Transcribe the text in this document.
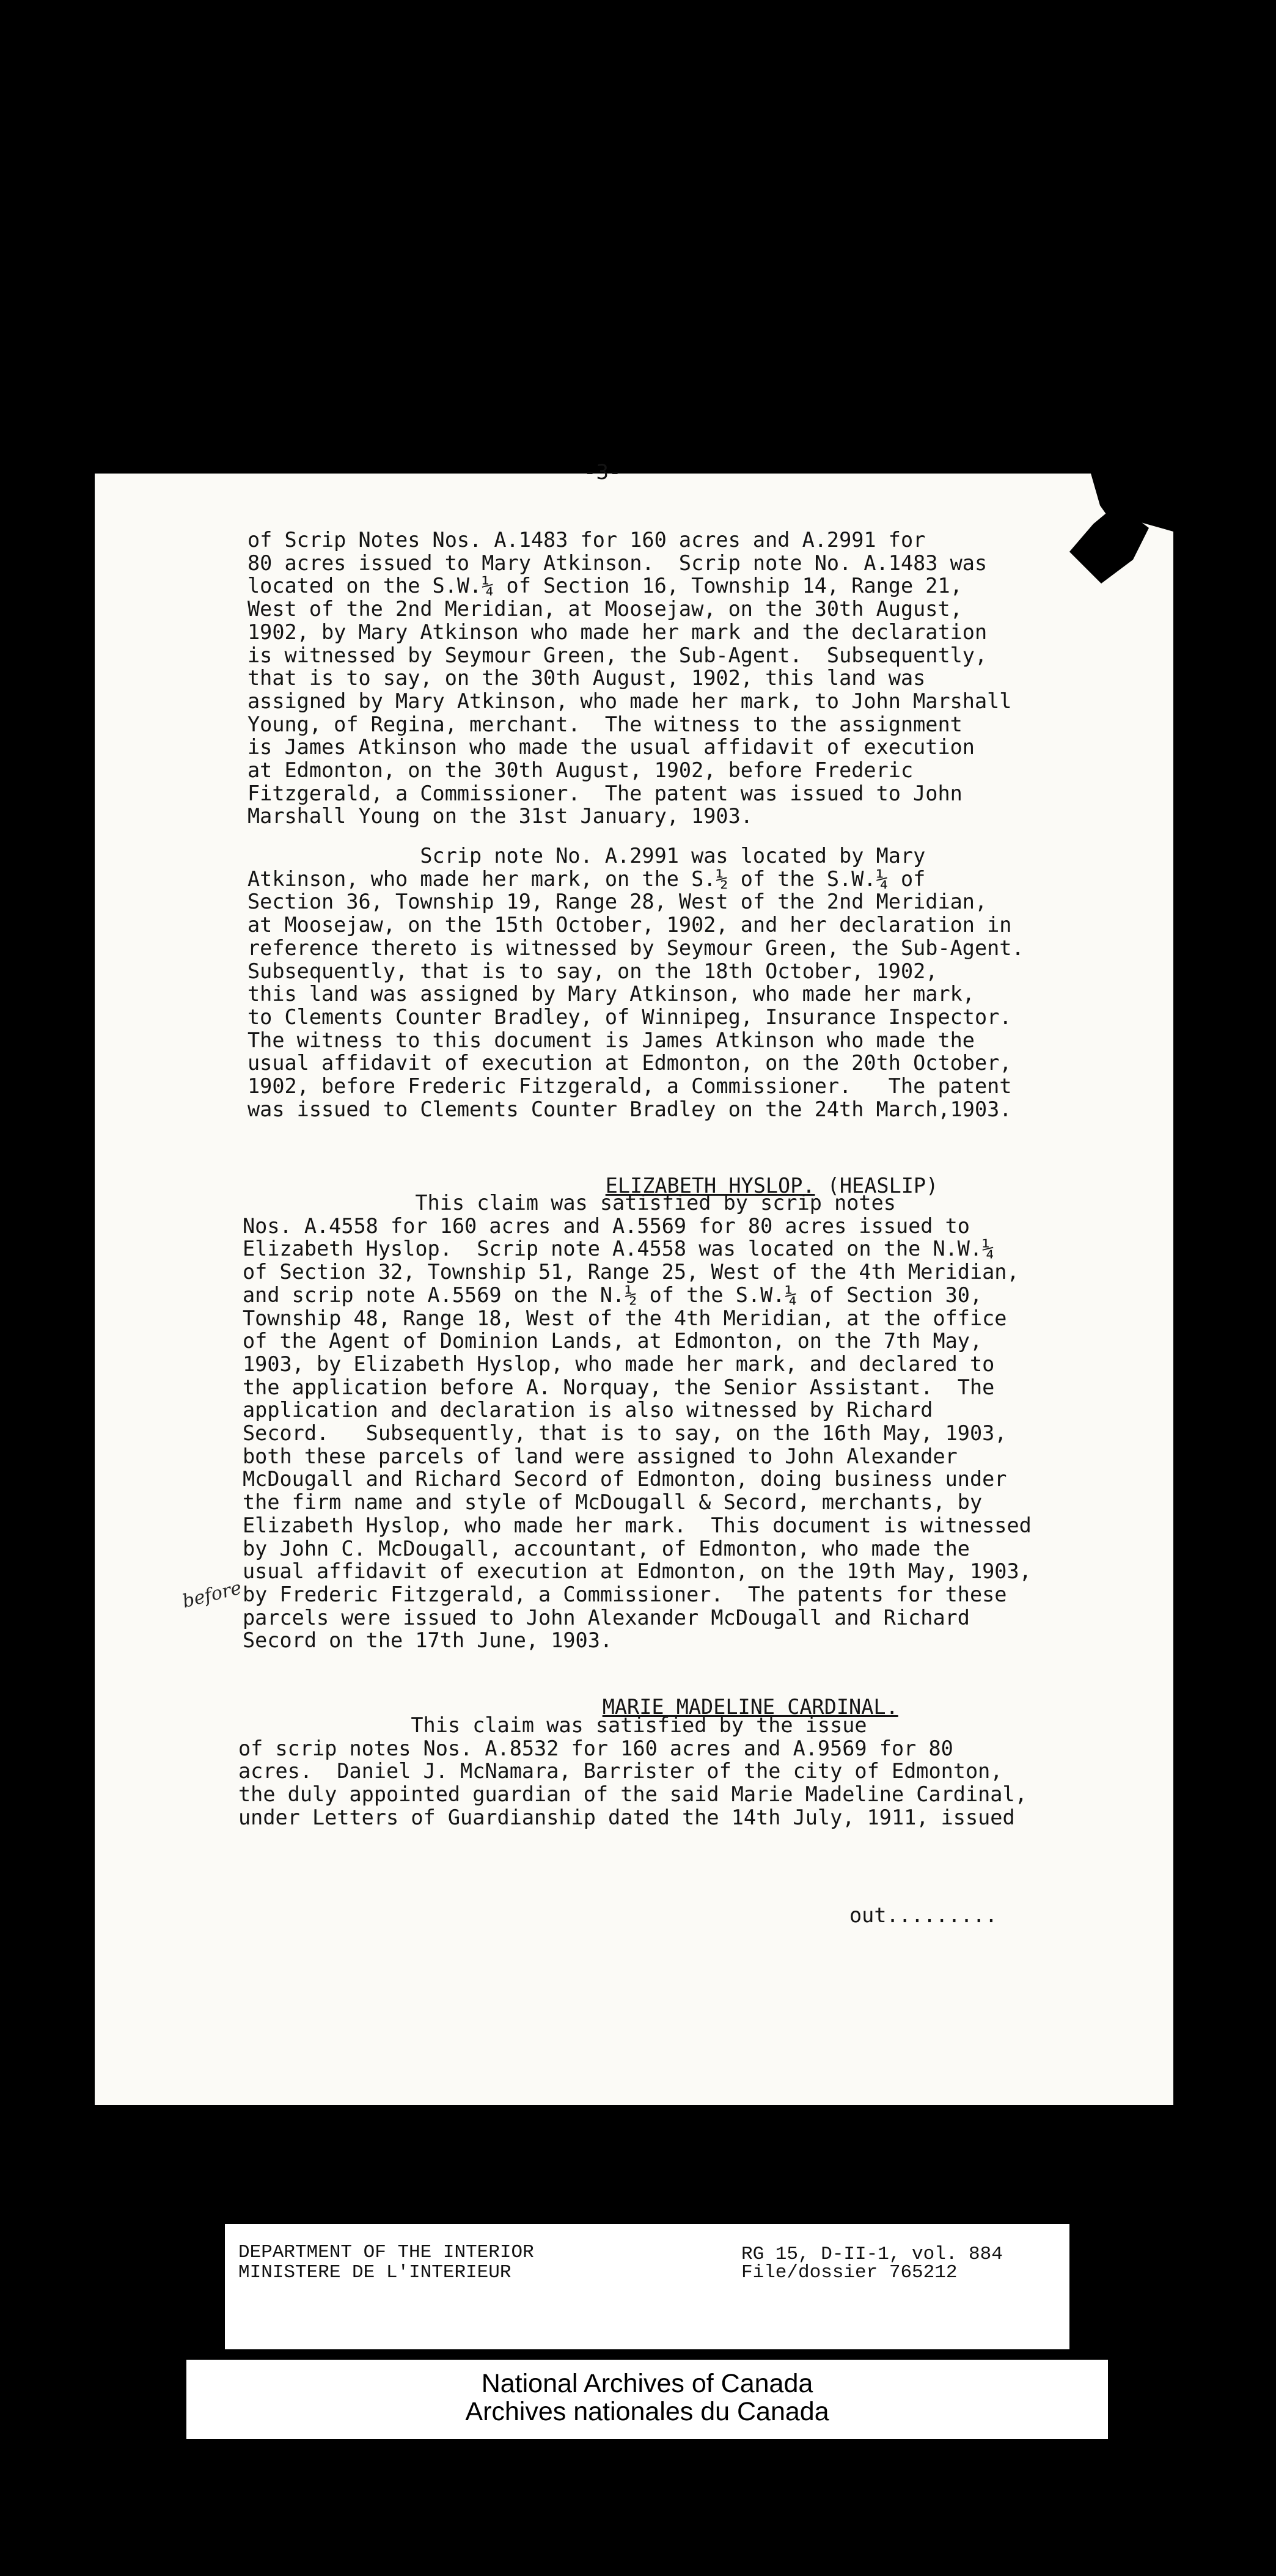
-3-
of Scrip Notes Nos. A.1483 for 160 acres and A.2991 for
80 acres issued to Mary Atkinson.  Scrip note No. A.1483 was
located on the S.W.¼ of Section 16, Township 14, Range 21,
West of the 2nd Meridian, at Moosejaw, on the 30th August,
1902, by Mary Atkinson who made her mark and the declaration
is witnessed by Seymour Green, the Sub-Agent.  Subsequently,
that is to say, on the 30th August, 1902, this land was
assigned by Mary Atkinson, who made her mark, to John Marshall
Young, of Regina, merchant.  The witness to the assignment
is James Atkinson who made the usual affidavit of execution
at Edmonton, on the 30th August, 1902, before Frederic
Fitzgerald, a Commissioner.  The patent was issued to John
Marshall Young on the 31st January, 1903.
Scrip note No. A.2991 was located by Mary
Atkinson, who made her mark, on the S.½ of the S.W.¼ of
Section 36, Township 19, Range 28, West of the 2nd Meridian,
at Moosejaw, on the 15th October, 1902, and her declaration in
reference thereto is witnessed by Seymour Green, the Sub-Agent.
Subsequently, that is to say, on the 18th October, 1902,
this land was assigned by Mary Atkinson, who made her mark,
to Clements Counter Bradley, of Winnipeg, Insurance Inspector.
The witness to this document is James Atkinson who made the
usual affidavit of execution at Edmonton, on the 20th October,
1902, before Frederic Fitzgerald, a Commissioner.   The patent
was issued to Clements Counter Bradley on the 24th March,1903.

ELIZABETH HYSLOP. (HEASLIP)

This claim was satisfied by scrip notes
Nos. A.4558 for 160 acres and A.5569 for 80 acres issued to
Elizabeth Hyslop.  Scrip note A.4558 was located on the N.W.¼
of Section 32, Township 51, Range 25, West of the 4th Meridian,
and scrip note A.5569 on the N.½ of the S.W.¼ of Section 30,
Township 48, Range 18, West of the 4th Meridian, at the office
of the Agent of Dominion Lands, at Edmonton, on the 7th May,
1903, by Elizabeth Hyslop, who made her mark, and declared to
the application before A. Norquay, the Senior Assistant.  The
application and declaration is also witnessed by Richard
Secord.   Subsequently, that is to say, on the 16th May, 1903,
both these parcels of land were assigned to John Alexander
McDougall and Richard Secord of Edmonton, doing business under
the firm name and style of McDougall & Secord, merchants, by
Elizabeth Hyslop, who made her mark.  This document is witnessed
by John C. McDougall, accountant, of Edmonton, who made the
usual affidavit of execution at Edmonton, on the 19th May, 1903,
by Frederic Fitzgerald, a Commissioner.  The patents for these
parcels were issued to John Alexander McDougall and Richard
Secord on the 17th June, 1903.
before

MARIE MADELINE CARDINAL.

This claim was satisfied by the issue
of scrip notes Nos. A.8532 for 160 acres and A.9569 for 80
acres.  Daniel J. McNamara, Barrister of the city of Edmonton,
the duly appointed guardian of the said Marie Madeline Cardinal,
under Letters of Guardianship dated the 14th July, 1911, issued
out.........
DEPARTMENT OF THE INTERIOR
MINISTERE DE L'INTERIEUR
RG 15, D-II-1, vol. 884
File/dossier 765212
National Archives of Canada
Archives nationales du Canada
